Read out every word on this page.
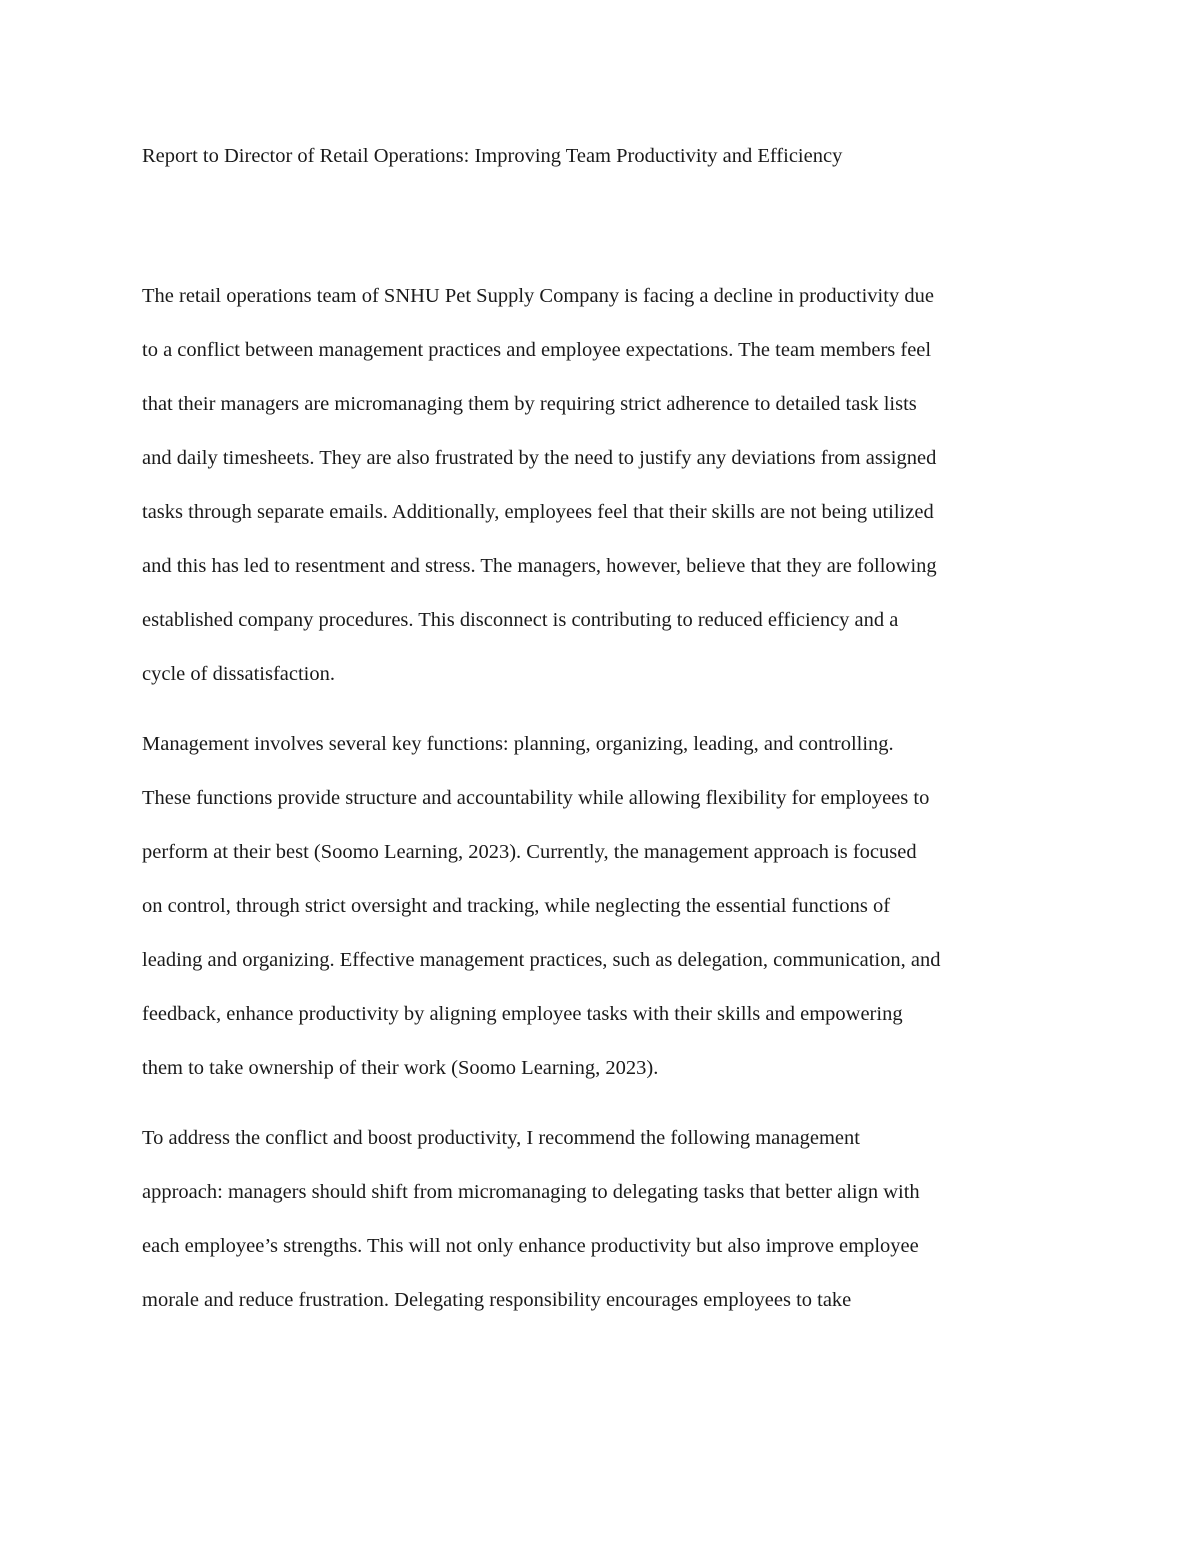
Report to Director of Retail Operations: Improving Team Productivity and Efficiency

The retail operations team of SNHU Pet Supply Company is facing a decline in productivity due

to a conflict between management practices and employee expectations. The team members feel

that their managers are micromanaging them by requiring strict adherence to detailed task lists

and daily timesheets. They are also frustrated by the need to justify any deviations from assigned

tasks through separate emails. Additionally, employees feel that their skills are not being utilized

and this has led to resentment and stress. The managers, however, believe that they are following

established company procedures. This disconnect is contributing to reduced efficiency and a

cycle of dissatisfaction.

Management involves several key functions: planning, organizing, leading, and controlling.

These functions provide structure and accountability while allowing flexibility for employees to

perform at their best (Soomo Learning, 2023). Currently, the management approach is focused

on control, through strict oversight and tracking, while neglecting the essential functions of

leading and organizing. Effective management practices, such as delegation, communication, and

feedback, enhance productivity by aligning employee tasks with their skills and empowering

them to take ownership of their work (Soomo Learning, 2023).

To address the conflict and boost productivity, I recommend the following management

approach: managers should shift from micromanaging to delegating tasks that better align with

each employee’s strengths. This will not only enhance productivity but also improve employee

morale and reduce frustration. Delegating responsibility encourages employees to take
